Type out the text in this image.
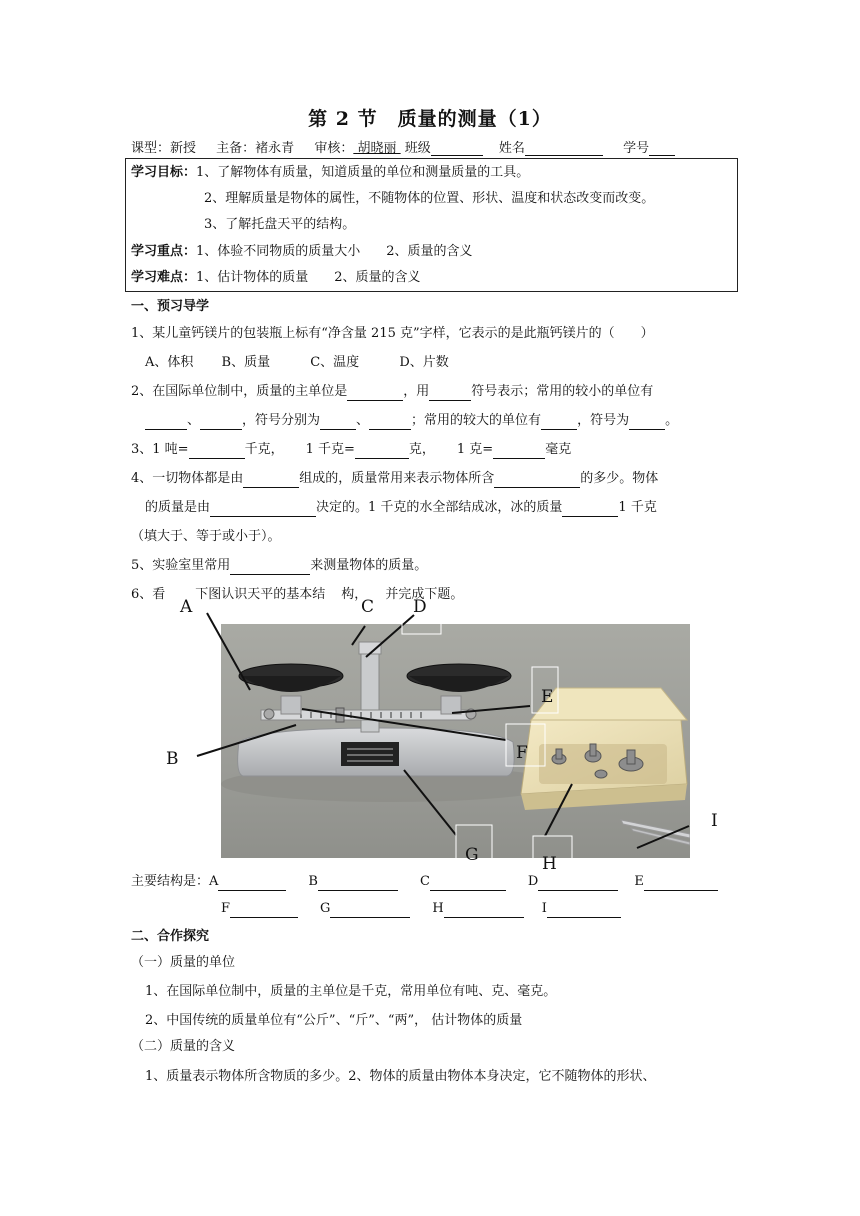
第 2 节　质量的测量（1）
课型：新授 主备：褚永青 审核： 胡晓丽 班级	姓名	学号
学习目标：1、了解物体有质量，知道质量的单位和测量质量的工具。
2、理解质量是物体的属性，不随物体的位置、形状、温度和状态改变而改变。
3、了解托盘天平的结构。
学习重点：1、体验不同物质的质量大小　　2、质量的含义
学习难点：1、估计物体的质量　　2、质量的含义
一、预习导学
1、某儿童钙镁片的包装瓶上标有“净含量 215 克”字样，它表示的是此瓶钙镁片的（　　）
A、体积 B、质量	C、温度	D、片数
2、在国际单位制中，质量的主单位是	，用	符号表示；常用的较小的单位有
、	，符号分别为	、	；常用的较大的单位有	，符号为	。
3、1 吨=	千克， 1 千克=	克， 1 克=	毫克
4、一切物体都是由	组成的，质量常用来表示物体所含	的多少。物体
的质量是由	决定的。1 千克的水全部结成冰，冰的质量	1 千克
（填大于、等于或小于）。
5、实验室里常用	来测量物体的质量。
6、看 下图认识天平的基本结 构， 并完成下题。
A
B
C D
E
F
G	H
I
主要结构是：A	B	C	D	E
F	G	H	I
二、合作探究
（一）质量的单位
1、在国际单位制中，质量的主单位是千克，常用单位有吨、克、毫克。
2、中国传统的质量单位有“公斤”、“斤”、“两”， 估计物体的质量
（二）质量的含义
1、质量表示物体所含物质的多少。2、物体的质量由物体本身决定，它不随物体的形状、
